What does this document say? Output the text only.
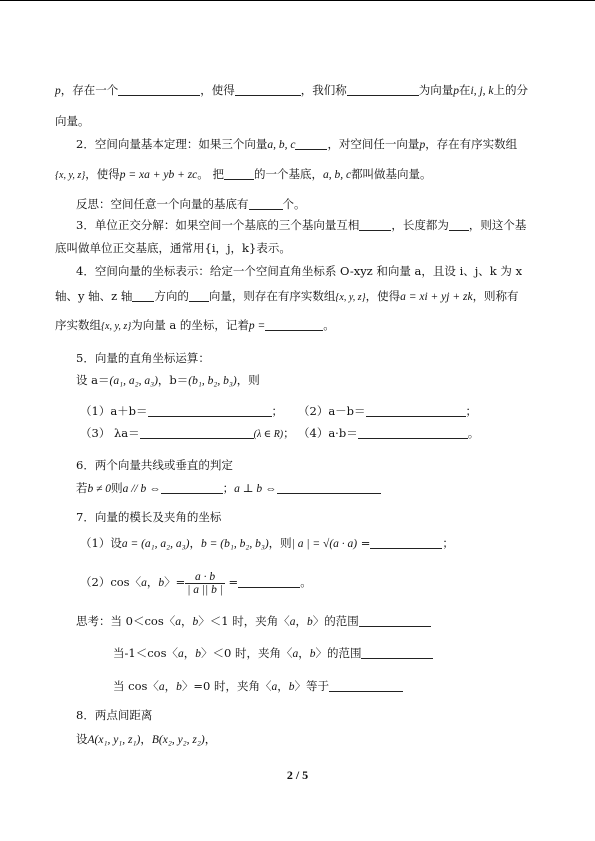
p，存在一个	，使得	，我们称	为向量p在i, j, k上的分
向量。
2．空间向量基本定理：如果三个向量a, b, c	，对空间任一向量p，存在有序实数组
{x, y, z}，使得p = xa + yb + zc。 把	的一个基底，a, b, c都叫做基向量。
反思：空间任意一个向量的基底有	个。
3．单位正交分解：如果空间一个基底的三个基向量互相	，长度都为 ，则这个基
底叫做单位正交基底，通常用{i，j，k}表示。
4．空间向量的坐标表示：给定一个空间直角坐标系 O-xyz 和向量 a，且设 i、j、k 为 x
轴、y 轴、z 轴 方向的 向量，则存在有序实数组{x, y, z}，使得a = xi + yj + zk，则称有
序实数组{x, y, z}为向量 a 的坐标，记着p =	。
5．向量的直角坐标运算：
设 a＝(a₁, a₂, a₃)，b＝(b₁, b₂, b₃)，则
（1）a＋b＝	； （2）a－b＝	；
（3） λa＝	(λ ∈ R)； （4）a·b＝	。
6．两个向量共线或垂直的判定
若b ≠ 0则a // b ⇔	；a ⊥ b ⇔
7．向量的模长及夹角的坐标
（1）设a = (a₁, a₂, a₃)，b = (b₁, b₂, b₃)，则| a | = √(a · a) =	；
（2）cos〈a，b〉= $\frac{a \cdot b}{| a || b |}$ =	。
思考：当 0＜cos〈a，b〉＜1 时，夹角〈a，b〉的范围
当-1＜cos〈a，b〉＜0 时，夹角〈a，b〉的范围
当 cos〈a，b〉=0 时，夹角〈a，b〉等于
8．两点间距离
设A(x₁, y₁, z₁)，B(x₂, y₂, z₂)，
2 / 5
